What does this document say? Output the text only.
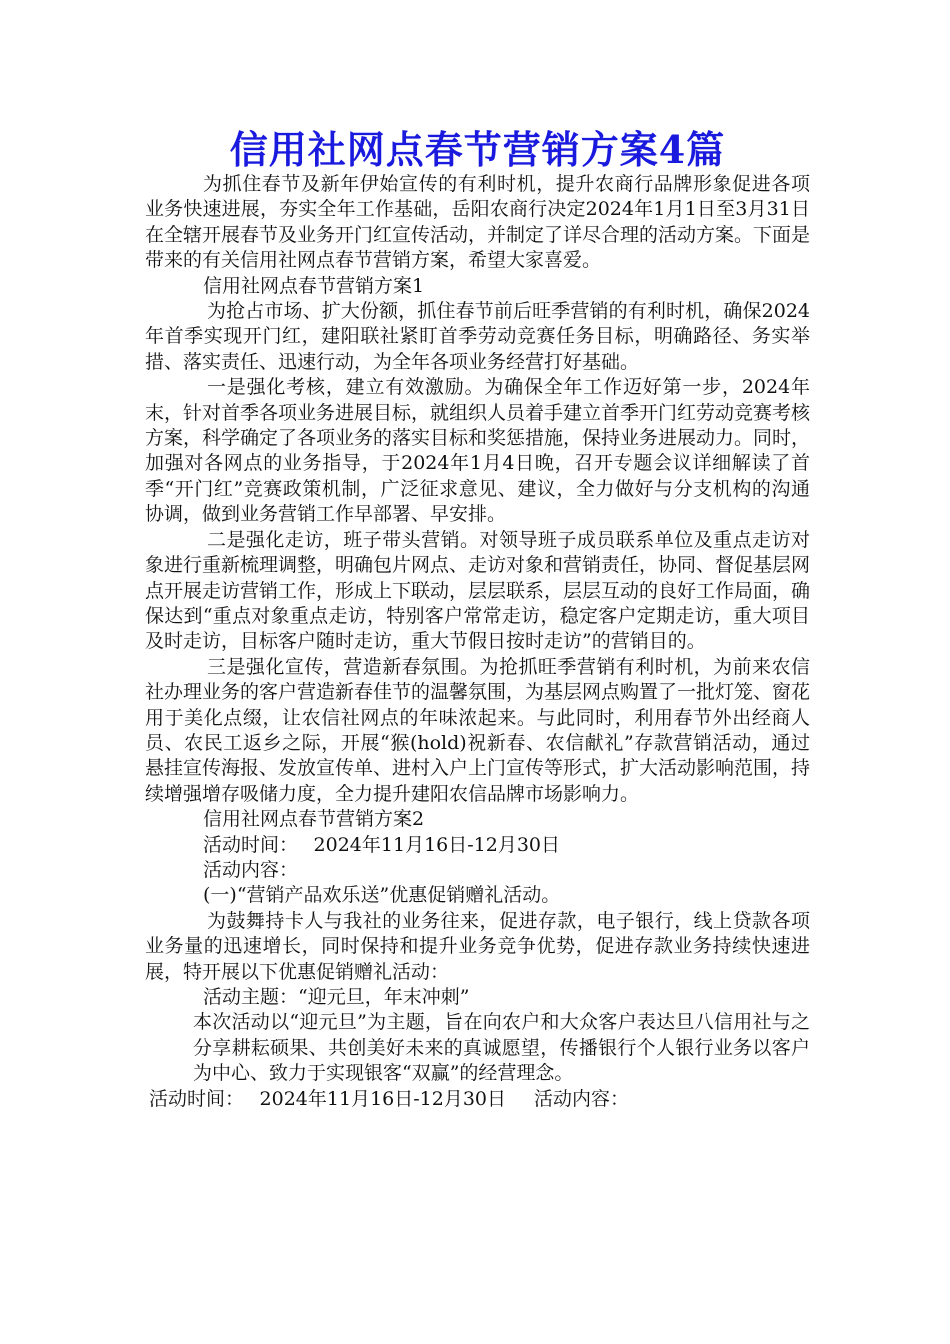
信用社网点春节营销方案4篇

为抓住春节及新年伊始宣传的有利时机，提升农商行品牌形象促进各项业务快速进展，夯实全年工作基础，岳阳农商行决定2024年1月1日至3月31日在全辖开展春节及业务开门红宣传活动，并制定了详尽合理的活动方案。下面是带来的有关信用社网点春节营销方案，希望大家喜爱。

信用社网点春节营销方案1

为抢占市场、扩大份额，抓住春节前后旺季营销的有利时机，确保2024年首季实现开门红，建阳联社紧盯首季劳动竞赛任务目标，明确路径、务实举措、落实责任、迅速行动，为全年各项业务经营打好基础。

一是强化考核，建立有效激励。为确保全年工作迈好第一步，2024年末，针对首季各项业务进展目标，就组织人员着手建立首季开门红劳动竞赛考核方案，科学确定了各项业务的落实目标和奖惩措施，保持业务进展动力。同时，加强对各网点的业务指导，于2024年1月4日晚，召开专题会议详细解读了首季“开门红”竞赛政策机制，广泛征求意见、建议，全力做好与分支机构的沟通协调，做到业务营销工作早部署、早安排。

二是强化走访，班子带头营销。对领导班子成员联系单位及重点走访对象进行重新梳理调整，明确包片网点、走访对象和营销责任，协同、督促基层网点开展走访营销工作，形成上下联动，层层联系，层层互动的良好工作局面，确保达到“重点对象重点走访，特别客户常常走访，稳定客户定期走访，重大项目及时走访，目标客户随时走访，重大节假日按时走访”的营销目的。

三是强化宣传，营造新春氛围。为抢抓旺季营销有利时机，为前来农信社办理业务的客户营造新春佳节的温馨氛围，为基层网点购置了一批灯笼、窗花用于美化点缀，让农信社网点的年味浓起来。与此同时，利用春节外出经商人员、农民工返乡之际，开展“猴(hold)祝新春、农信献礼”存款营销活动，通过悬挂宣传海报、发放宣传单、进村入户上门宣传等形式，扩大活动影响范围，持续增强增存吸储力度，全力提升建阳农信品牌市场影响力。

信用社网点春节营销方案2

活动时间：　 2024年11月16日-12月30日

活动内容：

(一)“营销产品欢乐送”优惠促销赠礼活动。

为鼓舞持卡人与我社的业务往来，促进存款，电子银行，线上贷款各项业务量的迅速增长，同时保持和提升业务竞争优势，促进存款业务持续快速进展，特开展以下优惠促销赠礼活动：

活动主题：“迎元旦，年末冲刺”

本次活动以“迎元旦”为主题，旨在向农户和大众客户表达旦八信用社与之分享耕耘硕果、共创美好未来的真诚愿望，传播银行个人银行业务以客户为中心、致力于实现银客“双赢”的经营理念。

活动时间：　 2024年11月16日-12月30日 活动内容：
